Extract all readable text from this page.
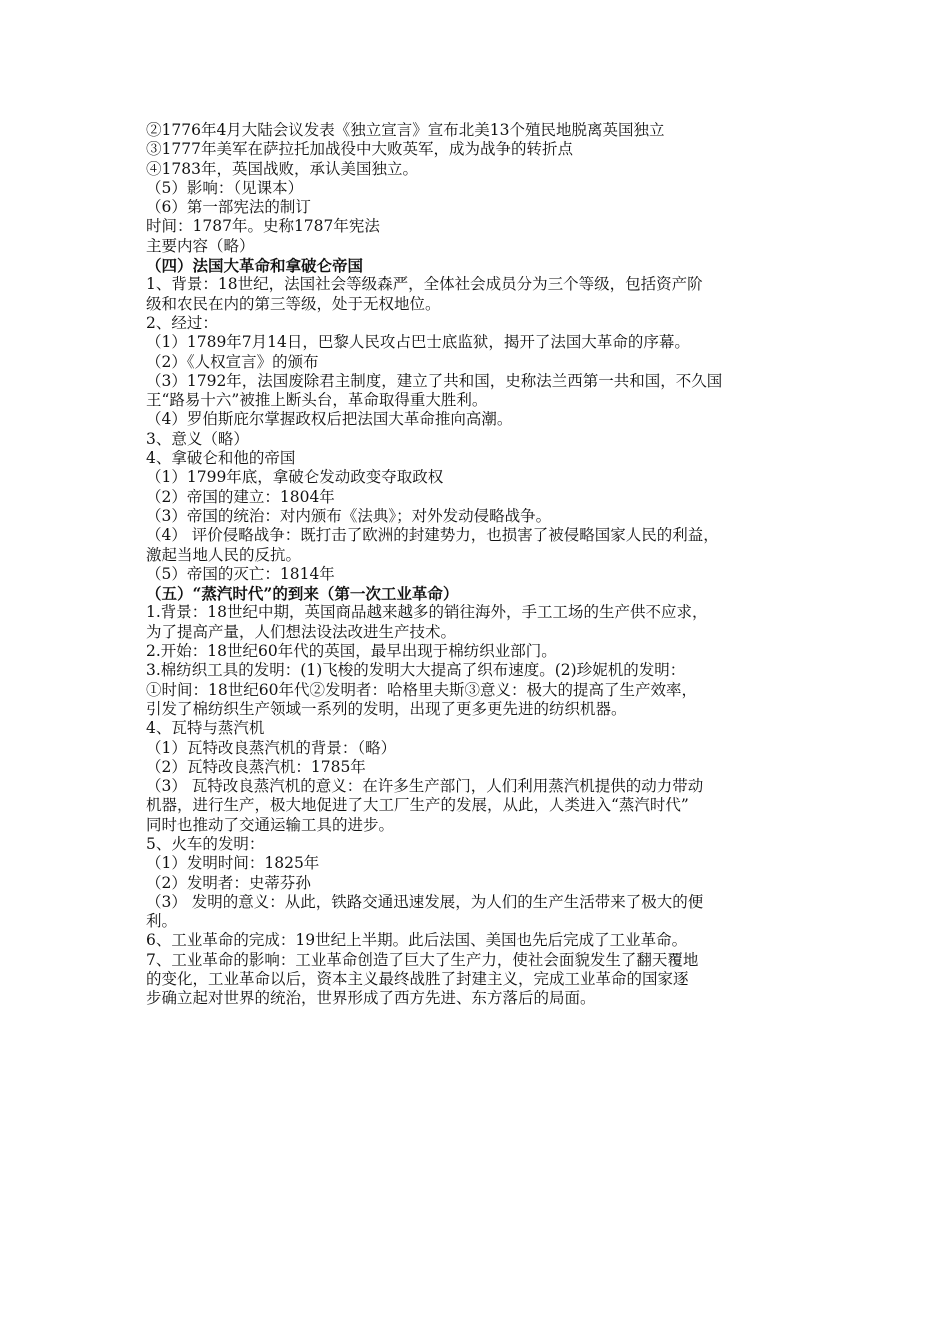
②1776年4月大陆会议发表《独立宣言》宣布北美13个殖民地脱离英国独立

③1777年美军在萨拉托加战役中大败英军，成为战争的转折点

④1783年，英国战败，承认美国独立。

（5）影响：（见课本）

（6）第一部宪法的制订

时间：1787年。史称1787年宪法

主要内容（略）

（四）法国大革命和拿破仑帝国

1、背景：18世纪，法国社会等级森严，全体社会成员分为三个等级，包括资产阶

级和农民在内的第三等级，处于无权地位。

2、经过：

（1）1789年7月14日，巴黎人民攻占巴士底监狱，揭开了法国大革命的序幕。

（2）《人权宣言》的颁布

（3）1792年，法国废除君主制度，建立了共和国，史称法兰西第一共和国，不久国

王“路易十六”被推上断头台，革命取得重大胜利。

（4）罗伯斯庇尔掌握政权后把法国大革命推向高潮。

3、意义（略）

4、拿破仑和他的帝国

（1）1799年底，拿破仑发动政变夺取政权

（2）帝国的建立：1804年

（3）帝国的统治：对内颁布《法典》；对外发动侵略战争。

（4） 评价侵略战争：既打击了欧洲的封建势力，也损害了被侵略国家人民的利益，

激起当地人民的反抗。

（5）帝国的灭亡：1814年

（五）“蒸汽时代”的到来（第一次工业革命）

1.背景：18世纪中期，英国商品越来越多的销往海外，手工工场的生产供不应求，

为了提高产量，人们想法设法改进生产技术。

2.开始：18世纪60年代的英国，最早出现于棉纺织业部门。

3.棉纺织工具的发明：(1)飞梭的发明大大提高了织布速度。(2)珍妮机的发明：

①时间：18世纪60年代②发明者：哈格里夫斯③意义：极大的提高了生产效率，

引发了棉纺织生产领域一系列的发明，出现了更多更先进的纺织机器。

4、瓦特与蒸汽机

（1）瓦特改良蒸汽机的背景：（略）

（2）瓦特改良蒸汽机：1785年

（3） 瓦特改良蒸汽机的意义：在许多生产部门，人们利用蒸汽机提供的动力带动

机器，进行生产，极大地促进了大工厂生产的发展，从此，人类进入“蒸汽时代”

同时也推动了交通运输工具的进步。

5、火车的发明：

（1）发明时间：1825年

（2）发明者：史蒂芬孙

（3） 发明的意义：从此，铁路交通迅速发展，为人们的生产生活带来了极大的便

利。

6、工业革命的完成：19世纪上半期。此后法国、美国也先后完成了工业革命。

7、工业革命的影响：工业革命创造了巨大了生产力，使社会面貌发生了翻天覆地

的变化，工业革命以后，资本主义最终战胜了封建主义，完成工业革命的国家逐

步确立起对世界的统治，世界形成了西方先进、东方落后的局面。
